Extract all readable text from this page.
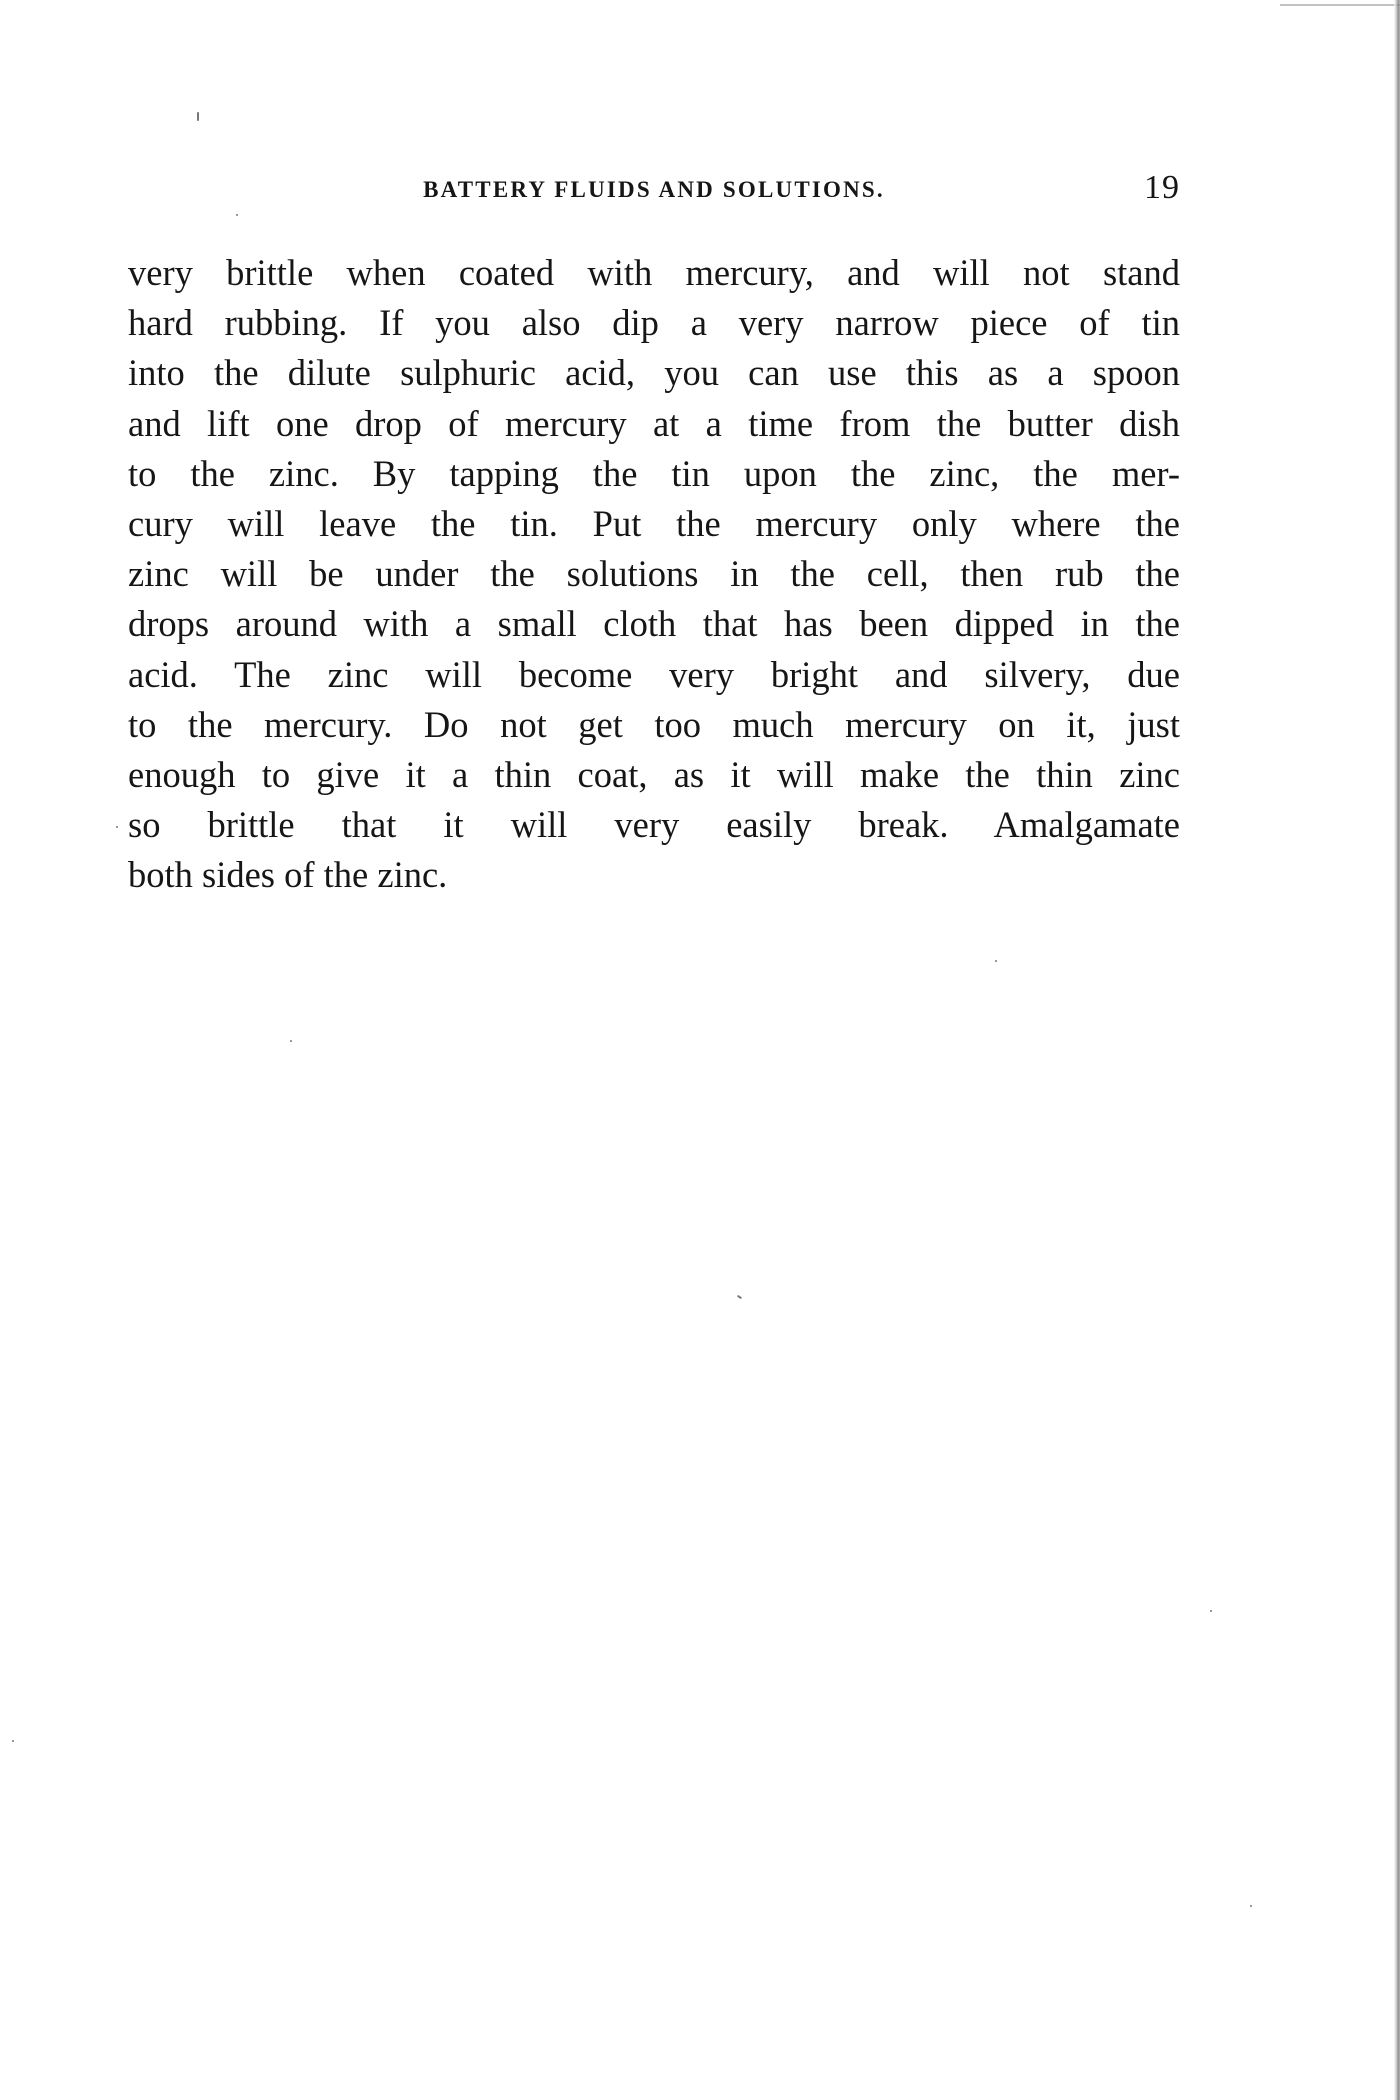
BATTERY FLUIDS AND SOLUTIONS.	19
very brittle when coated with mercury, and will not stand
hard rubbing. If you also dip a very narrow piece of tin
into the dilute sulphuric acid, you can use this as a spoon
and lift one drop of mercury at a time from the butter dish
to the zinc. By tapping the tin upon the zinc, the mer-
cury will leave the tin. Put the mercury only where the
zinc will be under the solutions in the cell, then rub the
drops around with a small cloth that has been dipped in the
acid. The zinc will become very bright and silvery, due
to the mercury. Do not get too much mercury on it, just
enough to give it a thin coat, as it will make the thin zinc
so brittle that it will very easily break. Amalgamate
both sides of the zinc.
